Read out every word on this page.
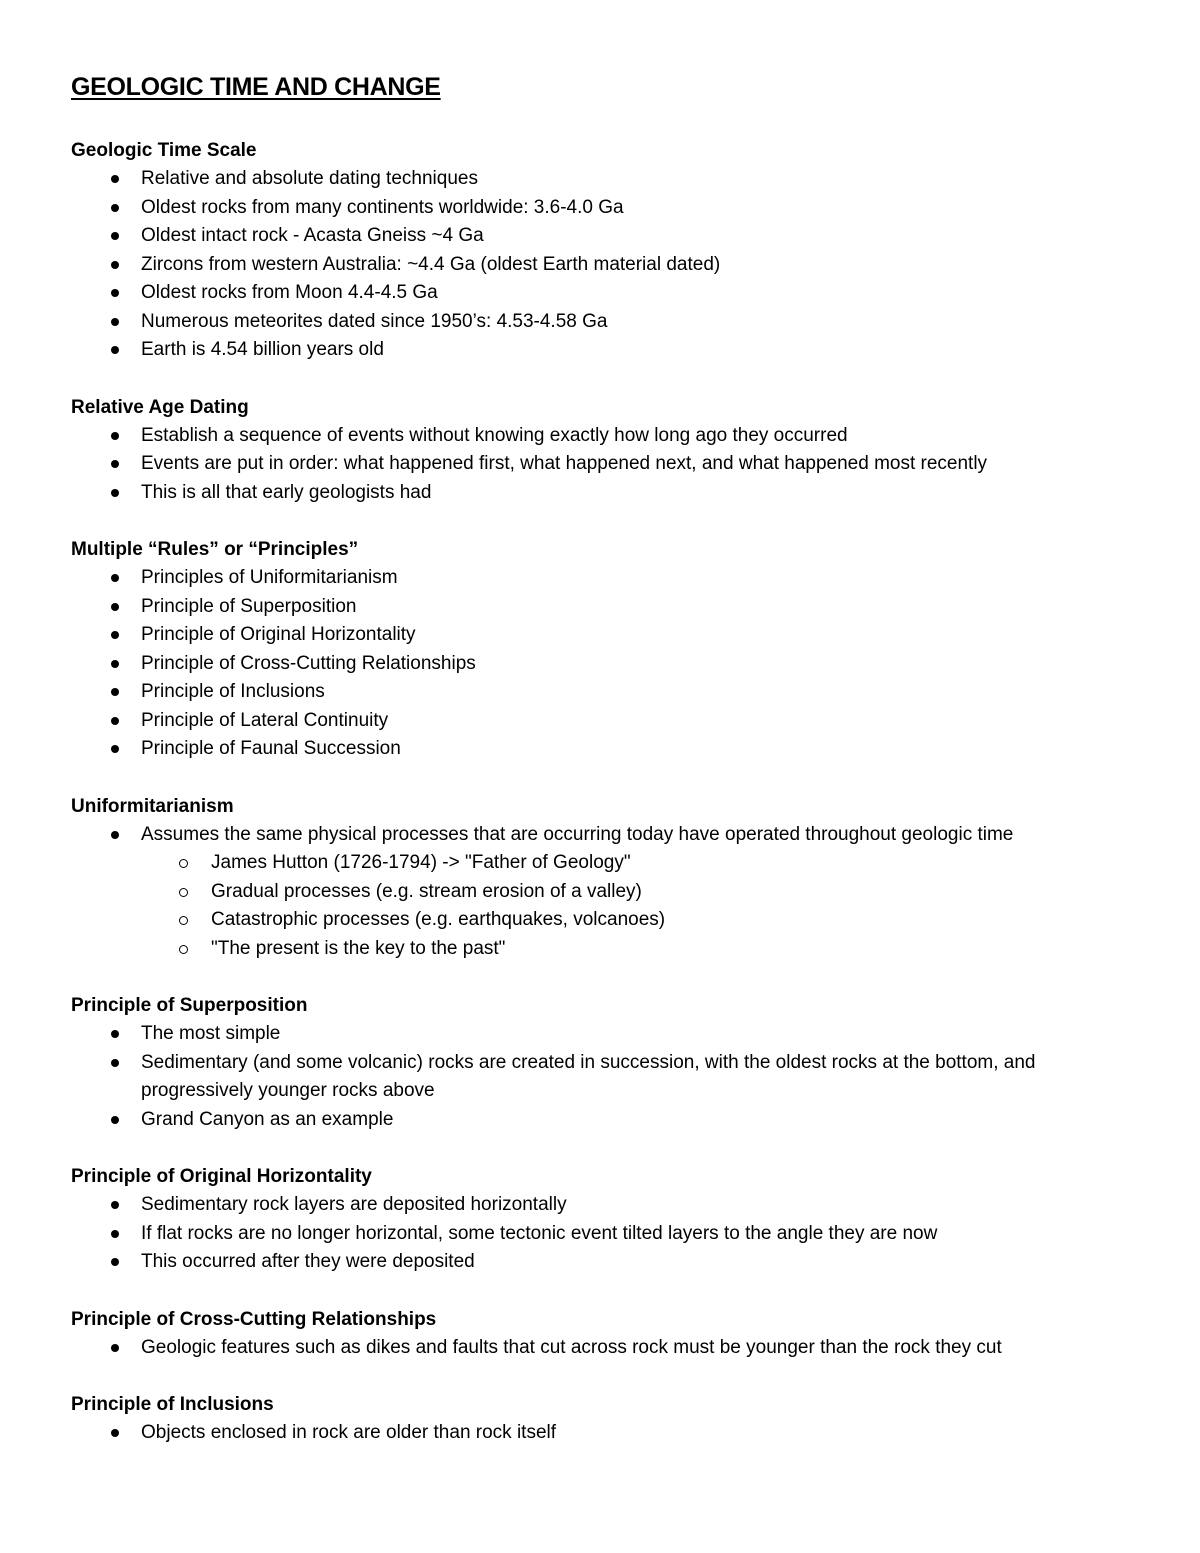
GEOLOGIC TIME AND CHANGE
Geologic Time Scale
Relative and absolute dating techniques
Oldest rocks from many continents worldwide: 3.6-4.0 Ga
Oldest intact rock - Acasta Gneiss ~4 Ga
Zircons from western Australia: ~4.4 Ga (oldest Earth material dated)
Oldest rocks from Moon 4.4-4.5 Ga
Numerous meteorites dated since 1950’s: 4.53-4.58 Ga
Earth is 4.54 billion years old
Relative Age Dating
Establish a sequence of events without knowing exactly how long ago they occurred
Events are put in order: what happened first, what happened next, and what happened most recently
This is all that early geologists had
Multiple “Rules” or “Principles”
Principles of Uniformitarianism
Principle of Superposition
Principle of Original Horizontality
Principle of Cross-Cutting Relationships
Principle of Inclusions
Principle of Lateral Continuity
Principle of Faunal Succession
Uniformitarianism
Assumes the same physical processes that are occurring today have operated throughout geologic time
James Hutton (1726-1794) -> "Father of Geology"
Gradual processes (e.g. stream erosion of a valley)
Catastrophic processes (e.g. earthquakes, volcanoes)
"The present is the key to the past"
Principle of Superposition
The most simple
Sedimentary (and some volcanic) rocks are created in succession, with the oldest rocks at the bottom, and progressively younger rocks above
Grand Canyon as an example
Principle of Original Horizontality
Sedimentary rock layers are deposited horizontally
If flat rocks are no longer horizontal, some tectonic event tilted layers to the angle they are now
This occurred after they were deposited
Principle of Cross-Cutting Relationships
Geologic features such as dikes and faults that cut across rock must be younger than the rock they cut
Principle of Inclusions
Objects enclosed in rock are older than rock itself
